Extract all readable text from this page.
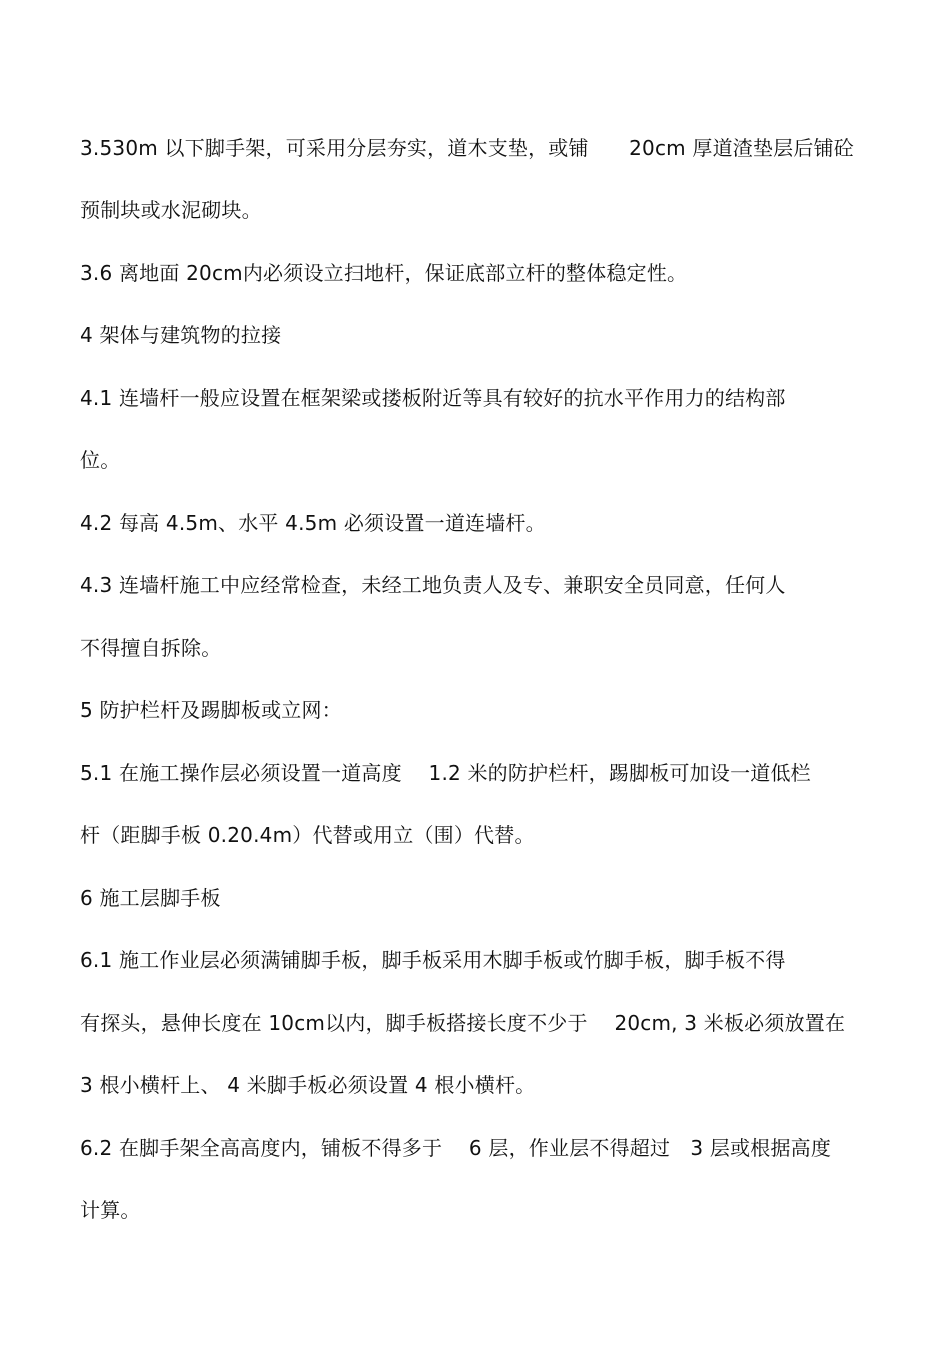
3.530m 以下脚手架，可采用分层夯实，道木支垫，或铺　　20cm 厚道渣垫层后铺砼
预制块或水泥砌块。
3.6 离地面 20cm内必须设立扫地杆，保证底部立杆的整体稳定性。
4 架体与建筑物的拉接
4.1 连墙杆一般应设置在框架梁或搂板附近等具有较好的抗水平作用力的结构部
位。
4.2 每高 4.5m、水平 4.5m 必须设置一道连墙杆。
4.3 连墙杆施工中应经常检查，未经工地负责人及专、兼职安全员同意，任何人
不得擅自拆除。
5 防护栏杆及踢脚板或立网：
5.1 在施工操作层必须设置一道高度　 1.2 米的防护栏杆，踢脚板可加设一道低栏
杆（距脚手板 0.20.4m）代替或用立（围）代替。
6 施工层脚手板
6.1 施工作业层必须满铺脚手板，脚手板采用木脚手板或竹脚手板，脚手板不得
有探头，悬伸长度在 10cm以内，脚手板搭接长度不少于　 20cm, 3 米板必须放置在
3 根小横杆上、 4 米脚手板必须设置 4 根小横杆。
6.2 在脚手架全高高度内，铺板不得多于　 6 层，作业层不得超过　3 层或根据高度
计算。
